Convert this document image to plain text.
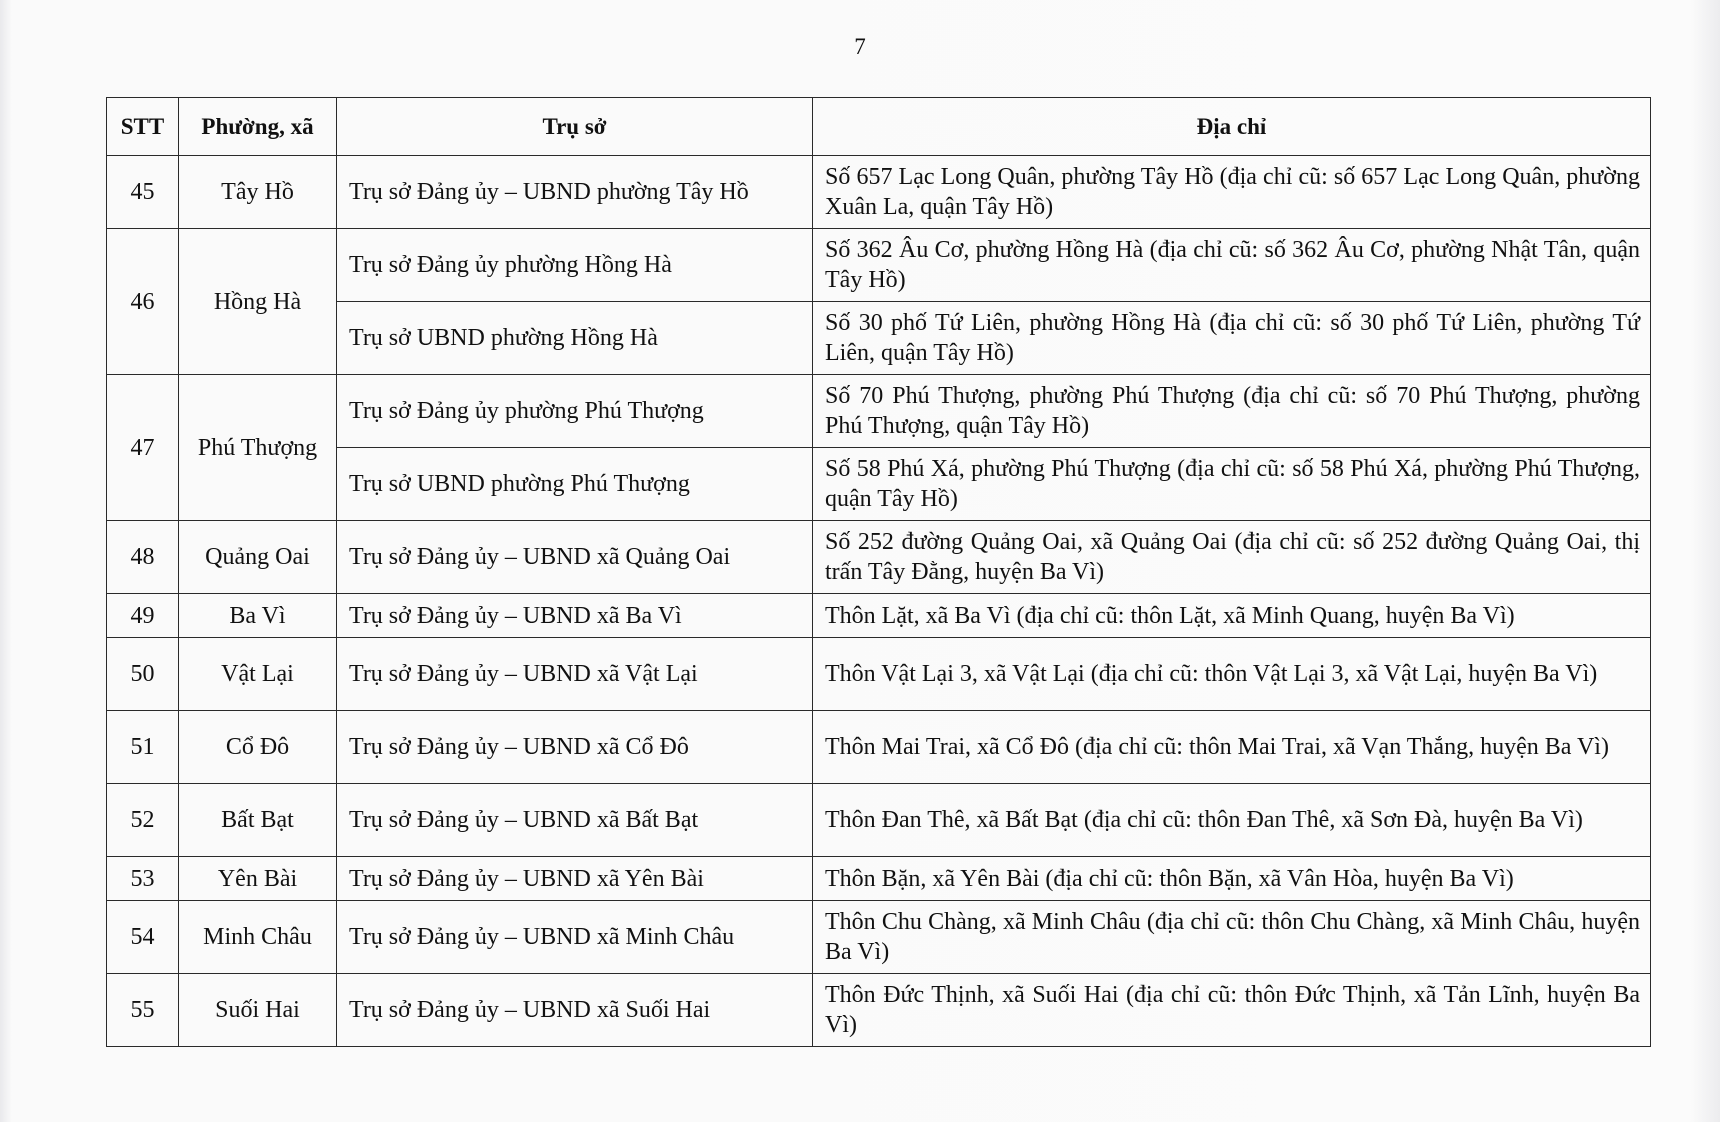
7
STT	Phường, xã	Trụ sở	Địa chỉ
45	Tây Hồ	Trụ sở Đảng ủy – UBND phường Tây Hồ	Số 657 Lạc Long Quân, phường Tây Hồ (địa chỉ cũ: số 657 Lạc Long Quân, phường Xuân La, quận Tây Hồ)
46	Hồng Hà	Trụ sở Đảng ủy phường Hồng Hà	Số 362 Âu Cơ, phường Hồng Hà (địa chỉ cũ: số 362 Âu Cơ, phường Nhật Tân, quận Tây Hồ)
		Trụ sở UBND phường Hồng Hà	Số 30 phố Tứ Liên, phường Hồng Hà (địa chỉ cũ: số 30 phố Tứ Liên, phường Tứ Liên, quận Tây Hồ)
47	Phú Thượng	Trụ sở Đảng ủy phường Phú Thượng	Số 70 Phú Thượng, phường Phú Thượng (địa chỉ cũ: số 70 Phú Thượng, phường Phú Thượng, quận Tây Hồ)
		Trụ sở UBND phường Phú Thượng	Số 58 Phú Xá, phường Phú Thượng (địa chỉ cũ: số 58 Phú Xá, phường Phú Thượng, quận Tây Hồ)
48	Quảng Oai	Trụ sở Đảng ủy – UBND xã Quảng Oai	Số 252 đường Quảng Oai, xã Quảng Oai (địa chỉ cũ: số 252 đường Quảng Oai, thị trấn Tây Đằng, huyện Ba Vì)
49	Ba Vì	Trụ sở Đảng ủy – UBND xã Ba Vì	Thôn Lặt, xã Ba Vì (địa chỉ cũ: thôn Lặt, xã Minh Quang, huyện Ba Vì)
50	Vật Lại	Trụ sở Đảng ủy – UBND xã Vật Lại	Thôn Vật Lại 3, xã Vật Lại (địa chỉ cũ: thôn Vật Lại 3, xã Vật Lại, huyện Ba Vì)
51	Cổ Đô	Trụ sở Đảng ủy – UBND xã Cổ Đô	Thôn Mai Trai, xã Cổ Đô (địa chỉ cũ: thôn Mai Trai, xã Vạn Thắng, huyện Ba Vì)
52	Bất Bạt	Trụ sở Đảng ủy – UBND xã Bất Bạt	Thôn Đan Thê, xã Bất Bạt (địa chỉ cũ: thôn Đan Thê, xã Sơn Đà, huyện Ba Vì)
53	Yên Bài	Trụ sở Đảng ủy – UBND xã Yên Bài	Thôn Bặn, xã Yên Bài (địa chỉ cũ: thôn Bặn, xã Vân Hòa, huyện Ba Vì)
54	Minh Châu	Trụ sở Đảng ủy – UBND xã Minh Châu	Thôn Chu Chàng, xã Minh Châu (địa chỉ cũ: thôn Chu Chàng, xã Minh Châu, huyện Ba Vì)
55	Suối Hai	Trụ sở Đảng ủy – UBND xã Suối Hai	Thôn Đức Thịnh, xã Suối Hai (địa chỉ cũ: thôn Đức Thịnh, xã Tản Lĩnh, huyện Ba Vì)
